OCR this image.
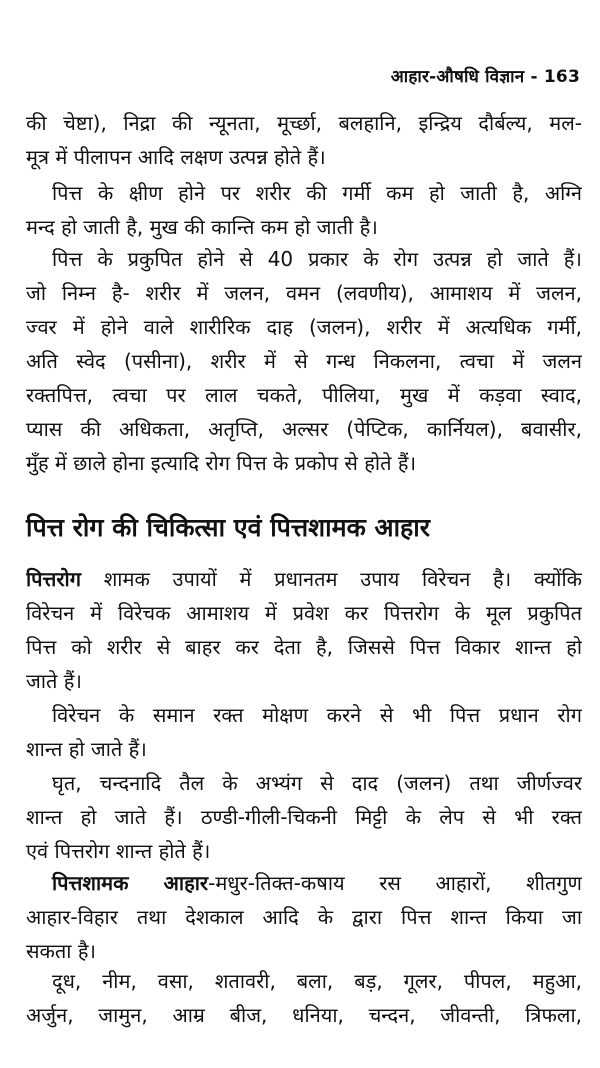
आहार-औषधि विज्ञान - 163
की चेष्टा), निद्रा की न्यूनता, मूर्च्छा, बलहानि, इन्द्रिय दौर्बल्य, मल-
मूत्र में पीलापन आदि लक्षण उत्पन्न होते हैं।
पित्त के क्षीण होने पर शरीर की गर्मी कम हो जाती है, अग्नि
मन्द हो जाती है, मुख की कान्ति कम हो जाती है।
पित्त के प्रकुपित होने से 40 प्रकार के रोग उत्पन्न हो जाते हैं।
जो निम्न है- शरीर में जलन, वमन (लवणीय), आमाशय में जलन,
ज्वर में होने वाले शारीरिक दाह (जलन), शरीर में अत्यधिक गर्मी,
अति स्वेद (पसीना), शरीर में से गन्ध निकलना, त्वचा में जलन
रक्तपित्त, त्वचा पर लाल चकते, पीलिया, मुख में कड़वा स्वाद,
प्यास की अधिकता, अतृप्ति, अल्सर (पेप्टिक, कार्नियल), बवासीर,
मुँह में छाले होना इत्यादि रोग पित्त के प्रकोप से होते हैं।
पित्त रोग की चिकित्सा एवं पित्तशामक आहार
पित्तरोग शामक उपायों में प्रधानतम उपाय विरेचन है। क्योंकि
विरेचन में विरेचक आमाशय में प्रवेश कर पित्तरोग के मूल प्रकुपित
पित्त को शरीर से बाहर कर देता है, जिससे पित्त विकार शान्त हो
जाते हैं।
विरेचन के समान रक्त मोक्षण करने से भी पित्त प्रधान रोग
शान्त हो जाते हैं।
घृत, चन्दनादि तैल के अभ्यंग से दाद (जलन) तथा जीर्णज्वर
शान्त हो जाते हैं। ठण्डी-गीली-चिकनी मिट्टी के लेप से भी रक्त
एवं पित्तरोग शान्त होते हैं।
पित्तशामक आहार-मधुर-तिक्त-कषाय रस आहारों, शीतगुण
आहार-विहार तथा देशकाल आदि के द्वारा पित्त शान्त किया जा
सकता है।
दूध, नीम, वसा, शतावरी, बला, बड़, गूलर, पीपल, महुआ,
अर्जुन, जामुन, आम्र बीज, धनिया, चन्दन, जीवन्ती, त्रिफला,
